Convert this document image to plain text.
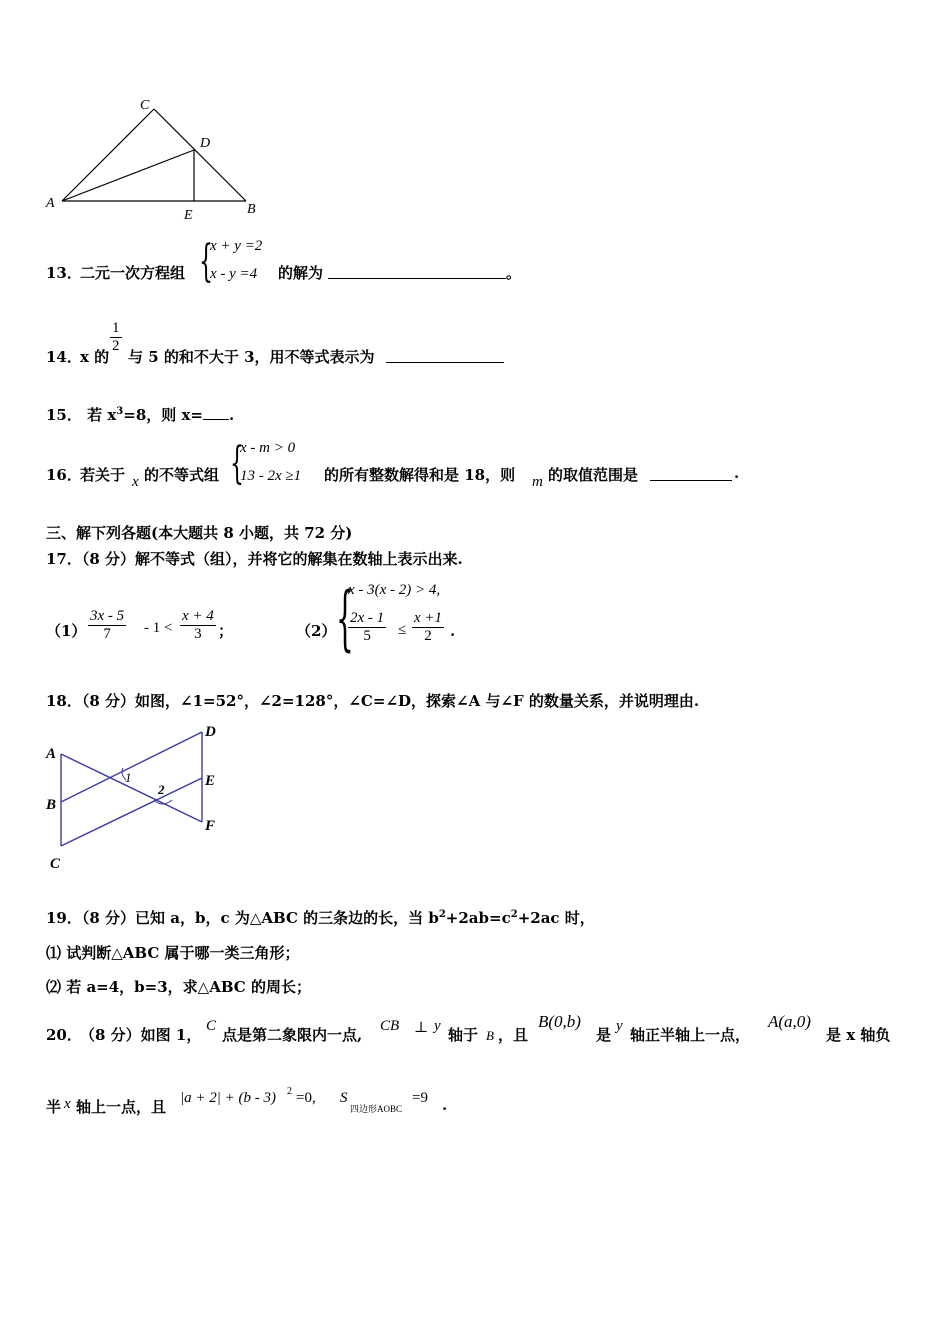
A	B
C
D
E
13．
二元一次方程组 {
x + y =2
x - y =4 的解为	。
14．
x 的
$\frac{1}{2}$
与 5 的和不大于 3，用不等式表示为
15． 若 $x^3=8$，则 x= .
16．
若关于 x 的不等式组 {
x - m > 0
13 - 2x ≥1 的所有整数解得和是 18，则 m 的取值范围是	.
三、解下列各题(本大题共 8 小题，共 72 分)
17．（8 分）解不等式（组），并将它的解集在数轴上表示出来.
$(1) \frac{3x - 5}{7} - 1 < \frac{x + 4}{3}$ ；	（2） {
x - 3(x - 2) > 4,
$\frac{2x - 1}{5} \le \frac{x +1}{2}$ .
18．（8 分）如图，∠1=52°，∠2=128°，∠C=∠D，探索∠A 与∠F 的数量关系，并说明理由.
A
B
C
D
E
F
1
2
19．（8 分）已知 a，b，c 为△ABC 的三条边的长，当 $b^2+2ab=c^2+2ac$ 时，
⑴ 试判断△ABC 属于哪一类三角形；
⑵ 若 a=4，b=3，求△ABC 的周长；
20．
（8 分）如图 1， C 点是第二象限内一点, CB ⊥ y 轴于 B ，且
B(0,b)
是 y 轴正半轴上一点，
A(a,0)
是 x 轴负
半 x 轴上一点，且 |a + 2| + (b - 3) 2 =0, S
四边形AOBC
=9 .
